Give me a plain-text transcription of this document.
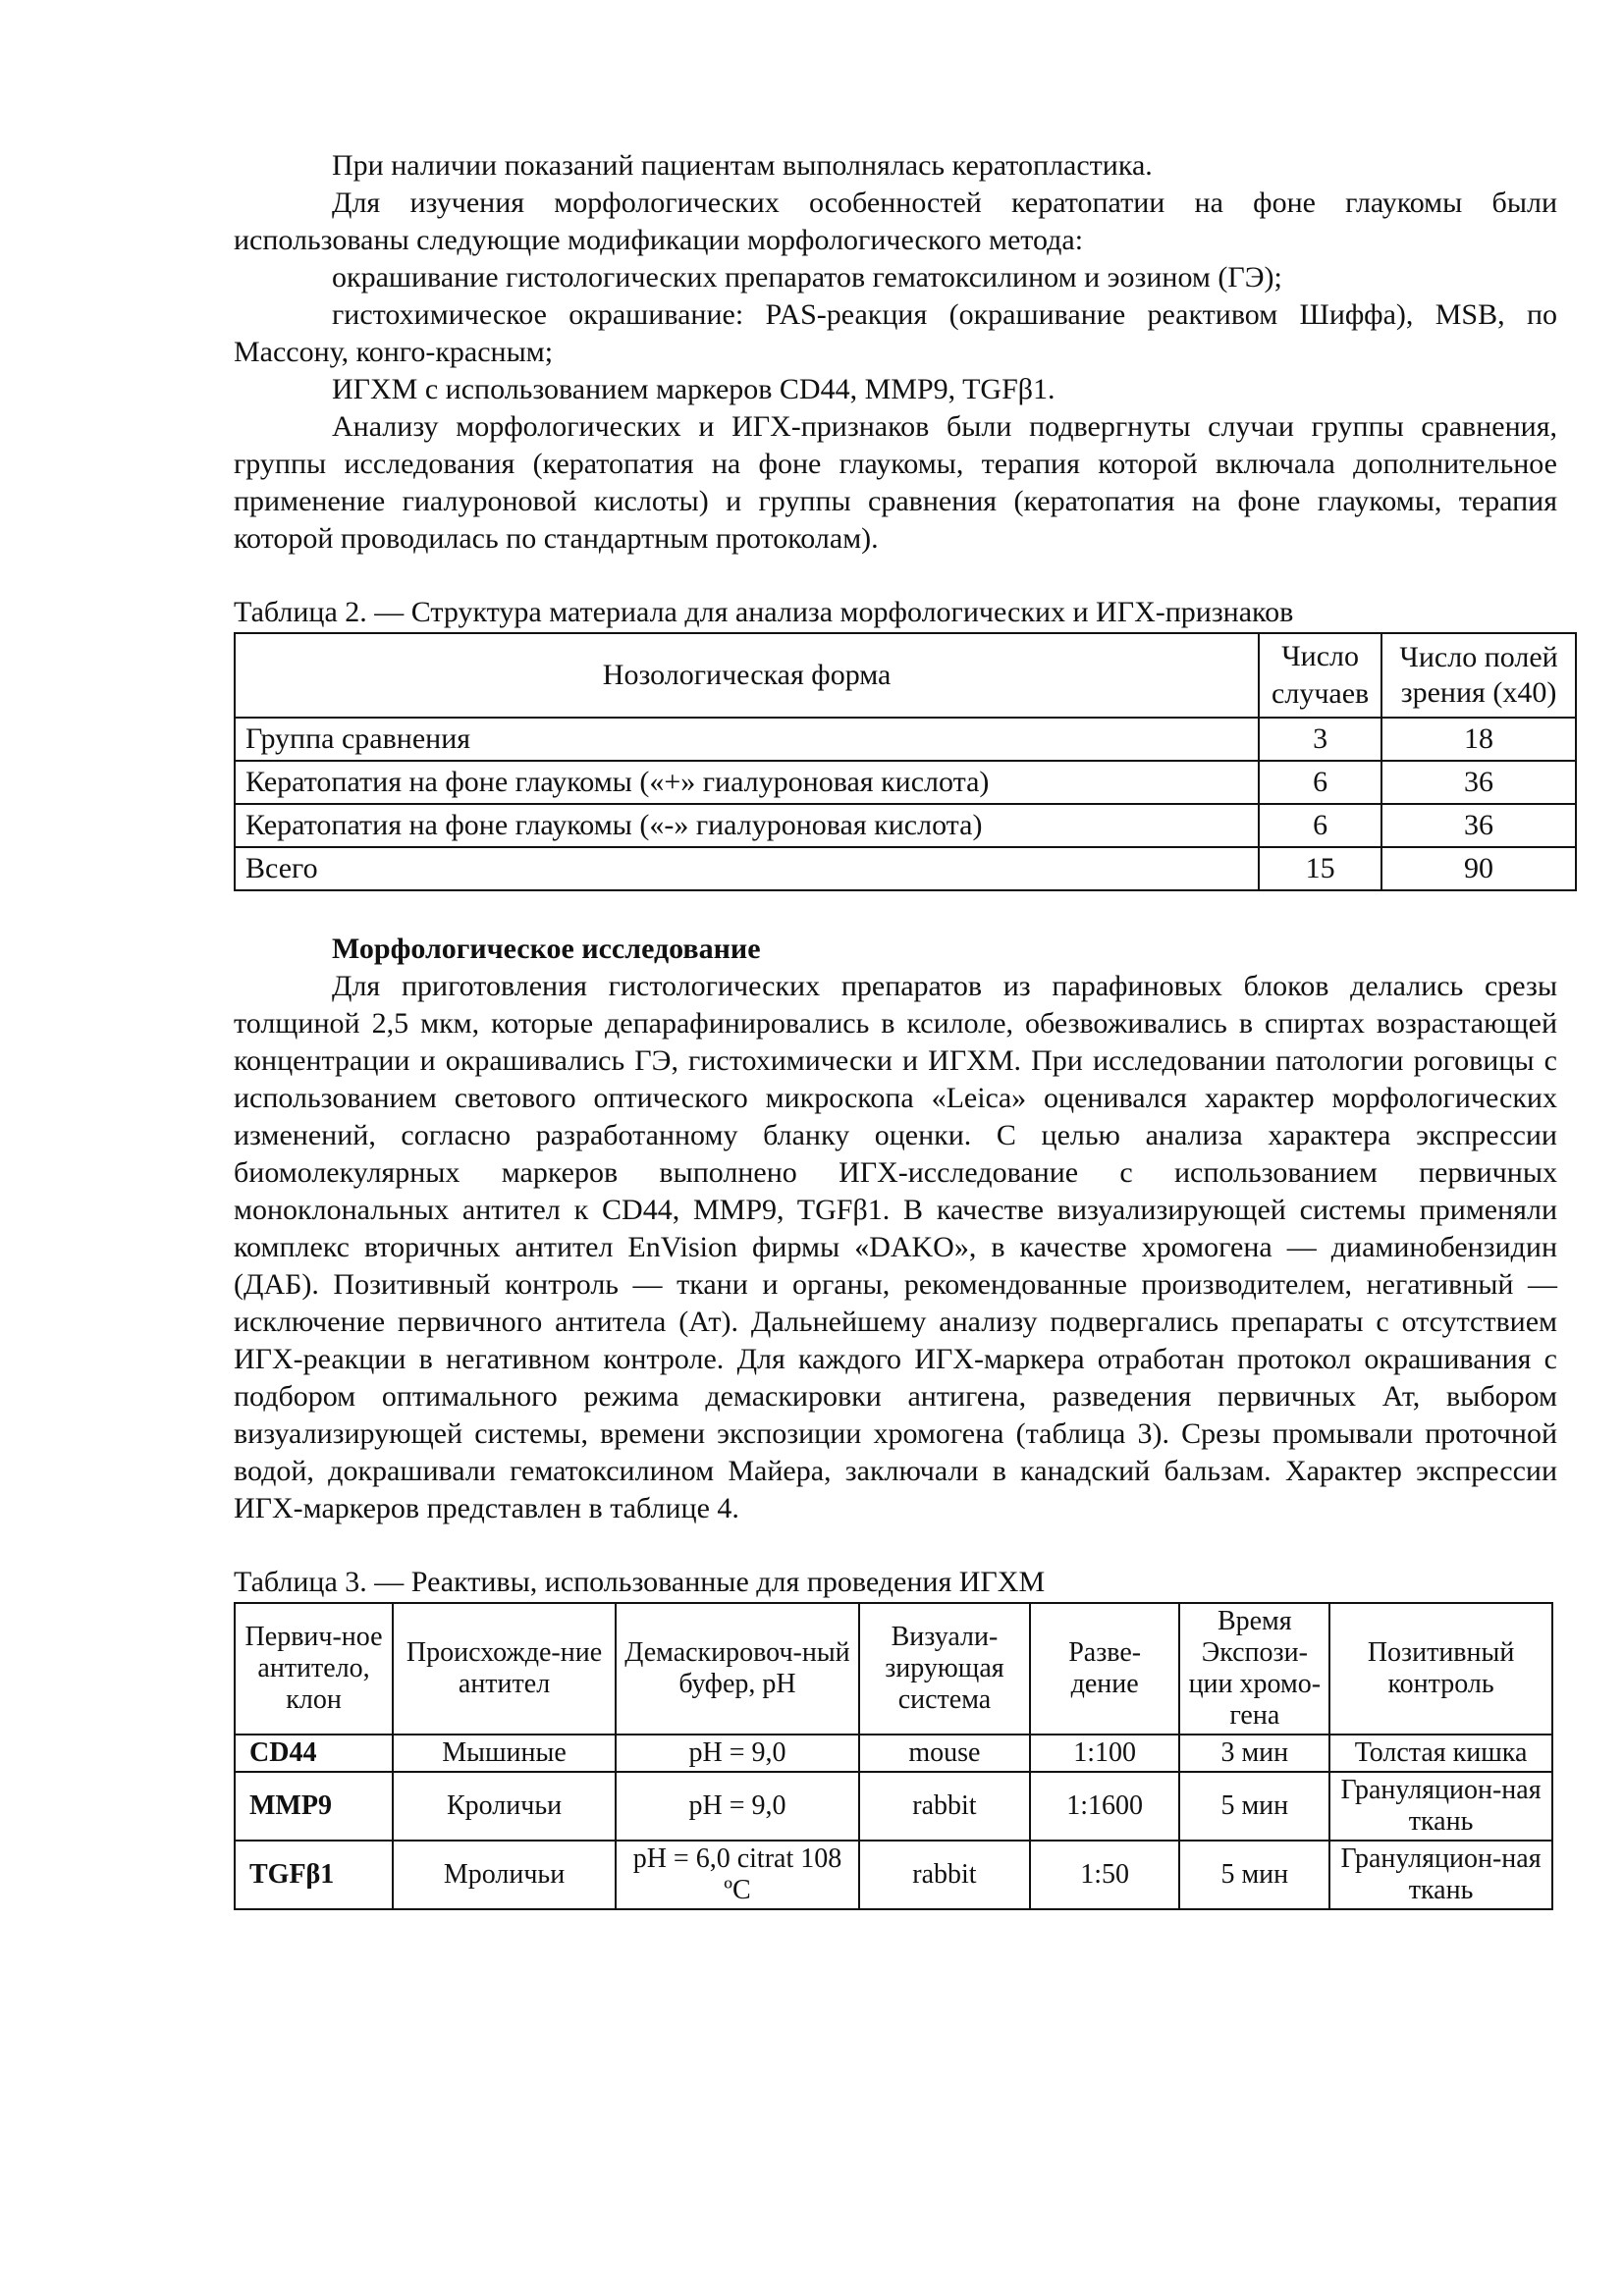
При наличии показаний пациентам выполнялась кератопластика.

Для изучения морфологических особенностей кератопатии на фоне глаукомы были использованы следующие модификации морфологического метода:

окрашивание гистологических препаратов гематоксилином и эозином (ГЭ);

гистохимическое окрашивание: PAS-реакция (окрашивание реактивом Шиффа), MSB, по Массону, конго-красным;

ИГХМ с использованием маркеров CD44, MMP9, TGFβ1.

Анализу морфологических и ИГХ-признаков были подвергнуты случаи группы сравнения, группы исследования (кератопатия на фоне глаукомы, терапия которой включала дополнительное применение гиалуроновой кислоты) и группы сравнения (кератопатия на фоне глаукомы, терапия которой проводилась по стандартным протоколам).

Таблица 2. — Структура материала для анализа морфологических и ИГХ-признаков

Нозологическая форма	Число случаев	Число полей зрения (х40)
Группа сравнения	3	18
Кератопатия на фоне глаукомы («+» гиалуроновая кислота)	6	36
Кератопатия на фоне глаукомы («-» гиалуроновая кислота)	6	36
Всего	15	90

Морфологическое исследование

Для приготовления гистологических препаратов из парафиновых блоков делались срезы толщиной 2,5 мкм, которые депарафинировались в ксилоле, обезвоживались в спиртах возрастающей концентрации и окрашивались ГЭ, гистохимически и ИГХМ. При исследовании патологии роговицы с использованием светового оптического микроскопа «Leica» оценивался характер морфологических изменений, согласно разработанному бланку оценки. С целью анализа характера экспрессии биомолекулярных маркеров выполнено ИГХ-исследование с использованием первичных моноклональных антител к CD44, MMP9, TGFβ1. В качестве визуализирующей системы применяли комплекс вторичных антител EnVision фирмы «DAKO», в качестве хромогена — диаминобензидин (ДАБ). Позитивный контроль — ткани и органы, рекомендованные производителем, негативный — исключение первичного антитела (Ат). Дальнейшему анализу подвергались препараты с отсутствием ИГХ-реакции в негативном контроле. Для каждого ИГХ-маркера отработан протокол окрашивания с подбором оптимального режима демаскировки антигена, разведения первичных Ат, выбором визуализирующей системы, времени экспозиции хромогена (таблица 3). Срезы промывали проточной водой, докрашивали гематоксилином Майера, заключали в канадский бальзам. Характер экспрессии ИГХ-маркеров представлен в таблице 4.

Таблица 3. — Реактивы, использованные для проведения ИГХМ

Первич-ное антитело, клон	Происхожде-ние антител	Демаскировоч-ный буфер, pH	Визуали-зирующая система	Разве-дение	Время Экспози-ции хромо-гена	Позитивный контроль
CD44	Мышиные	pH = 9,0	mouse	1:100	3 мин	Толстая кишка
MMP9	Кроличьи	pH = 9,0	rabbit	1:1600	5 мин	Грануляцион-ная ткань
TGFβ1	Мроличьи	pH = 6,0 citrat 108 ºC	rabbit	1:50	5 мин	Грануляцион-ная ткань
